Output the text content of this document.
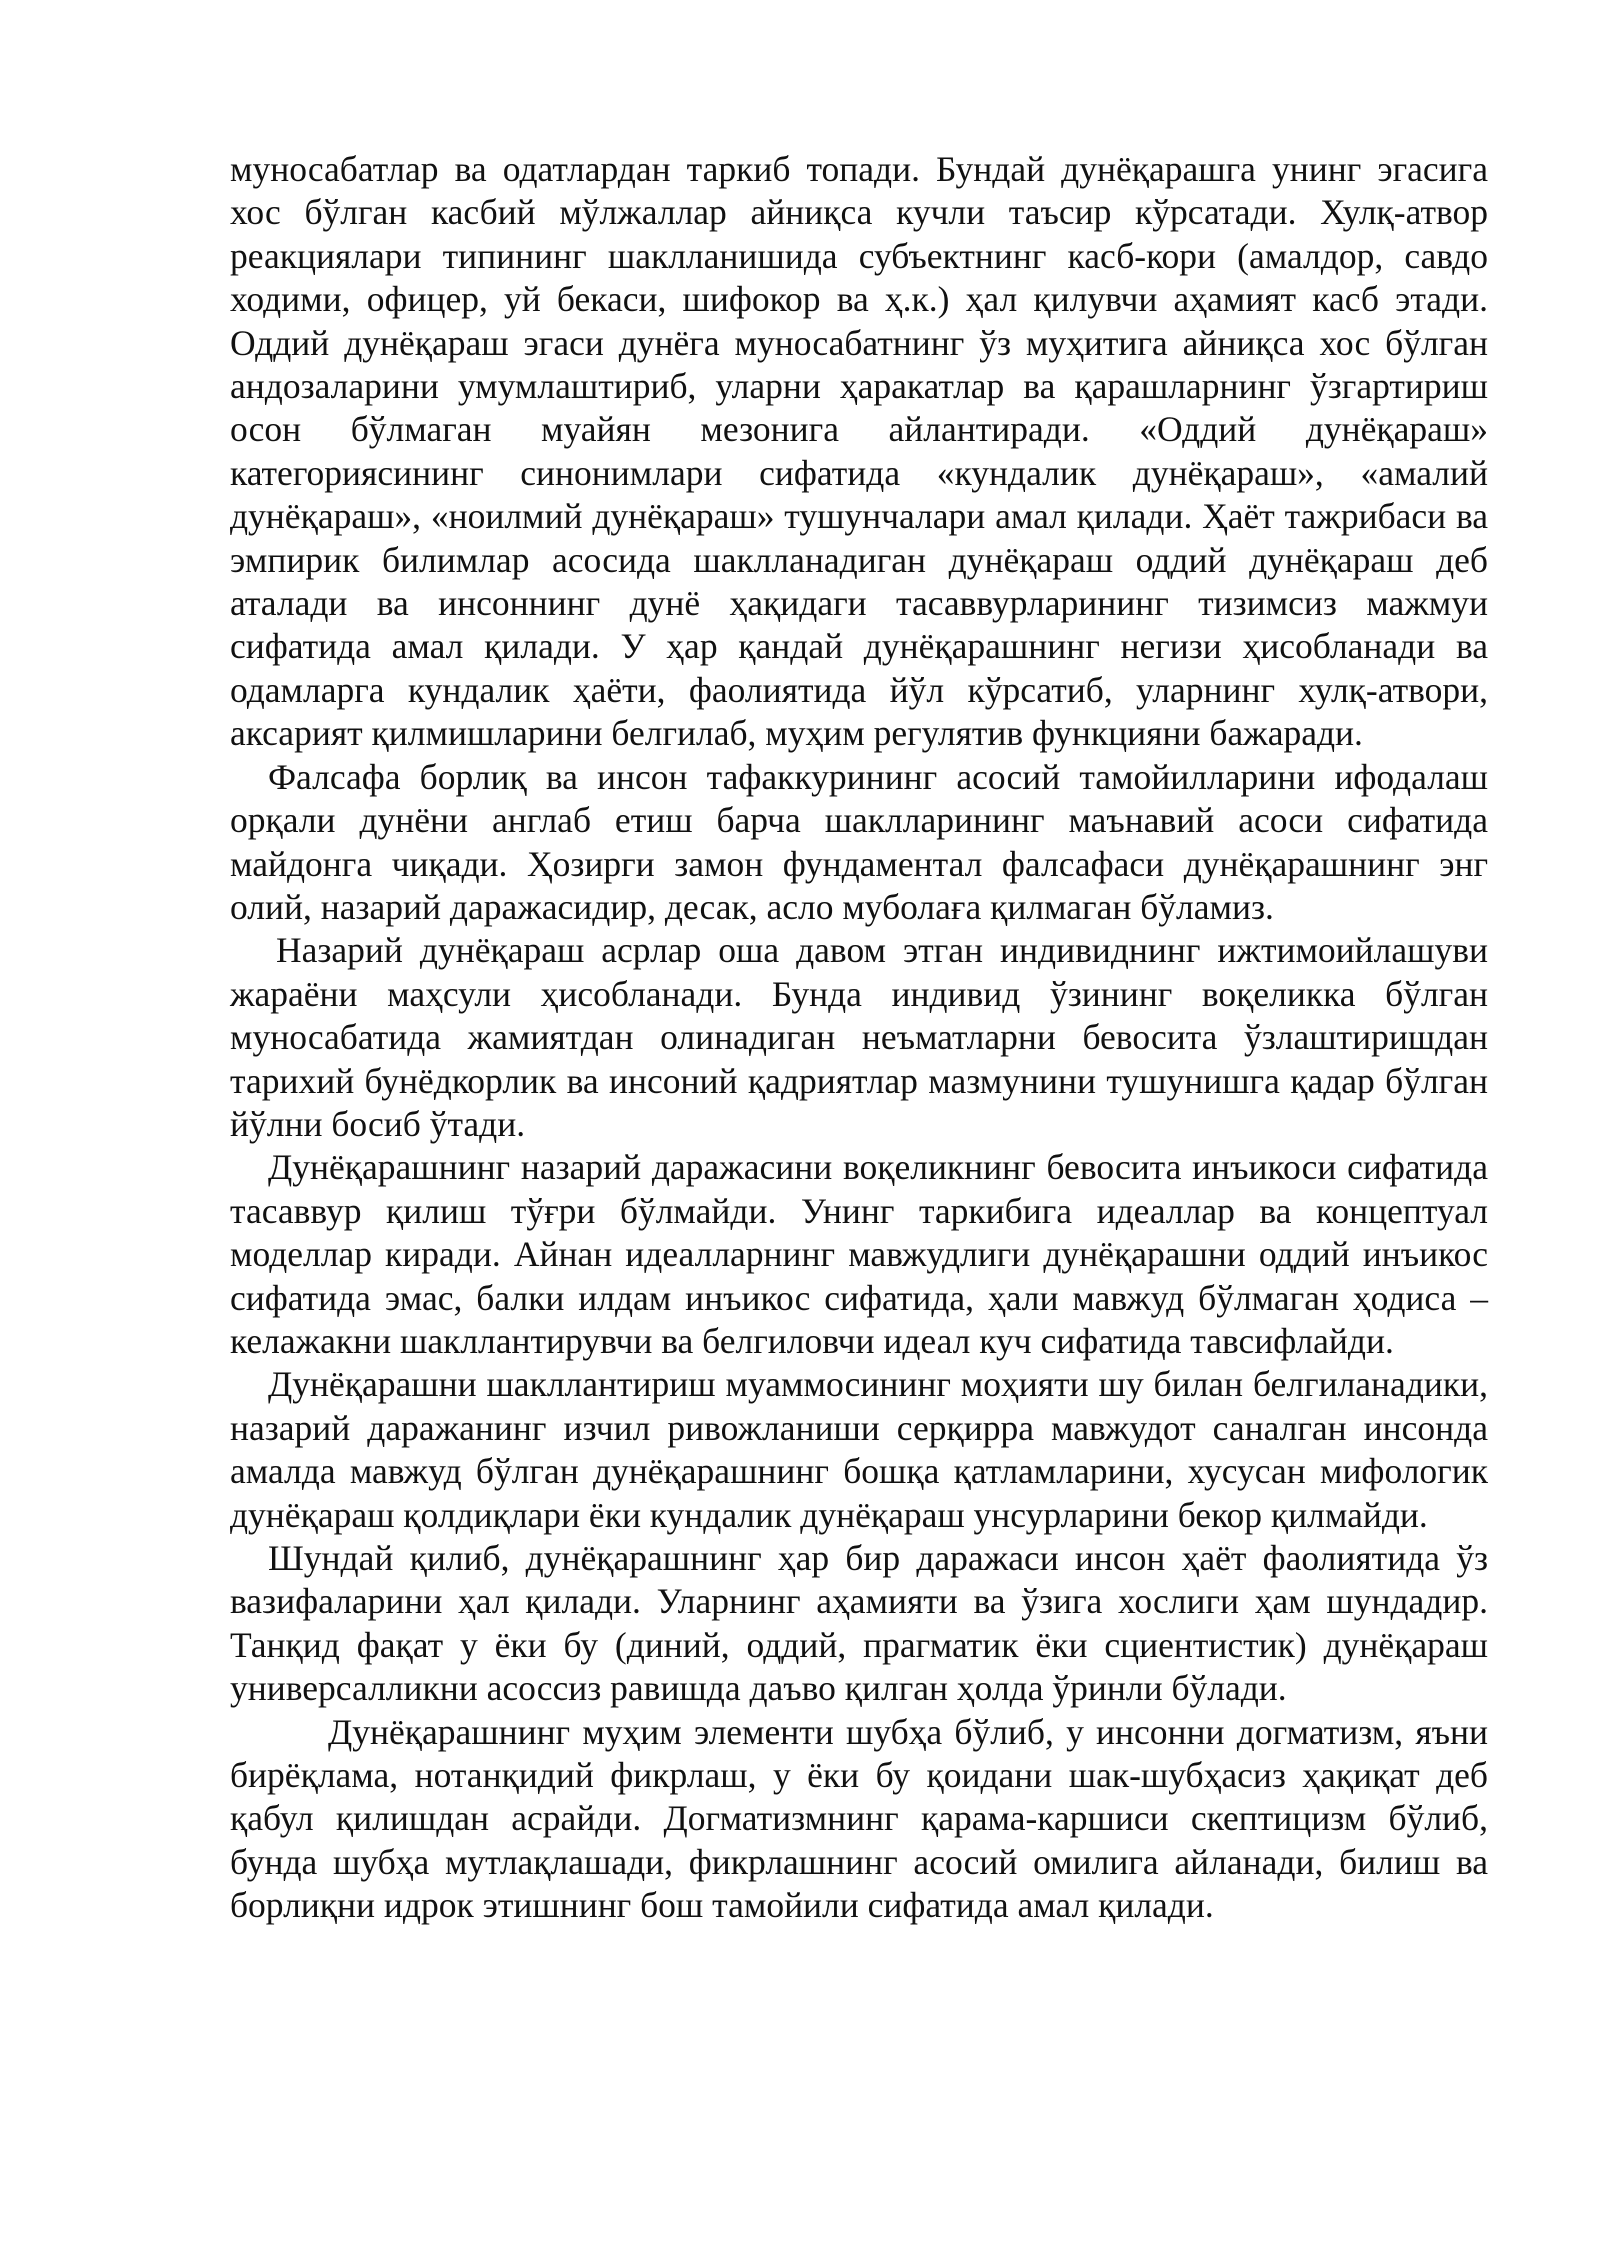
муносабатлар ва одатлардан таркиб топади. Бундай дунёқарашга унинг эгасига хос бўлган касбий мўлжаллар айниқса кучли таъсир кўрсатади. Хулқ-атвор реакциялари типининг шаклланишида субъектнинг касб-кори (амалдор, савдо ходими, офицер, уй бекаси, шифокор ва ҳ.к.) ҳал қилувчи аҳамият касб этади. Оддий дунёқараш эгаси дунёга муносабатнинг ўз муҳитига айниқса хос бўлган андозаларини умумлаштириб, уларни ҳаракатлар ва қарашларнинг ўзгартириш осон бўлмаган муайян мезонига айлантиради. «Оддий дунёқараш» категориясининг синонимлари сифатида «кундалик дунёқараш», «амалий дунёқараш», «ноилмий дунёқараш» тушунчалари амал қилади. Ҳаёт тажрибаси ва эмпирик билимлар асосида шаклланадиган дунёқараш оддий дунёқараш деб аталади ва инсоннинг дунё ҳақидаги тасаввурларининг тизимсиз мажмуи сифатида амал қилади. У ҳар қандай дунёқарашнинг негизи ҳисобланади ва одамларга кундалик ҳаёти, фаолиятида йўл кўрсатиб, уларнинг хулқ-атвори, аксарият қилмишларини белгилаб, муҳим регулятив функцияни бажаради.

Фалсафа борлиқ ва инсон тафаккурининг асосий тамойилларини ифодалаш орқали дунёни англаб етиш барча шаклларининг маънавий асоси сифатида майдонга чиқади. Ҳозирги замон фундаментал фалсафаси дунёқарашнинг энг олий, назарий даражасидир, десак, асло муболаға қилмаган бўламиз.

Назарий дунёқараш асрлар оша давом этган индивиднинг ижтимоийлашуви жараёни маҳсули ҳисобланади. Бунда индивид ўзининг воқеликка бўлган муносабатида жамиятдан олинадиган неъматларни бевосита ўзлаштиришдан тарихий бунёдкорлик ва инсоний қадриятлар мазмунини тушунишга қадар бўлган йўлни босиб ўтади.

Дунёқарашнинг назарий даражасини воқеликнинг бевосита инъикоси сифатида тасаввур қилиш тўғри бўлмайди. Унинг таркибига идеаллар ва концептуал моделлар киради. Айнан идеалларнинг мавжудлиги дунёқарашни оддий инъикос сифатида эмас, балки илдам инъикос сифатида, ҳали мавжуд бўлмаган ҳодиса – келажакни шакллантирувчи ва белгиловчи идеал куч сифатида тавсифлайди.

Дунёқарашни шакллантириш муаммосининг моҳияти шу билан белгиланадики, назарий даражанинг изчил ривожланиши серқирра мавжудот саналган инсонда амалда мавжуд бўлган дунёқарашнинг бошқа қатламларини, хусусан мифологик дунёқараш қолдиқлари ёки кундалик дунёқараш унсурларини бекор қилмайди.

Шундай қилиб, дунёқарашнинг ҳар бир даражаси инсон ҳаёт фаолиятида ўз вазифаларини ҳал қилади. Уларнинг аҳамияти ва ўзига хослиги ҳам шундадир. Танқид фақат у ёки бу (диний, оддий, прагматик ёки сциентистик) дунёқараш универсалликни асоссиз равишда даъво қилган ҳолда ўринли бўлади.

Дунёқарашнинг муҳим элементи шубҳа бўлиб, у инсонни догматизм, яъни бирёқлама, нотанқидий фикрлаш, у ёки бу қоидани шак-шубҳасиз ҳақиқат деб қабул қилишдан асрайди. Догматизмнинг қарама-каршиси скептицизм бўлиб, бунда шубҳа мутлақлашади, фикрлашнинг асосий омилига айланади, билиш ва борлиқни идрок этишнинг бош тамойили сифатида амал қилади.
